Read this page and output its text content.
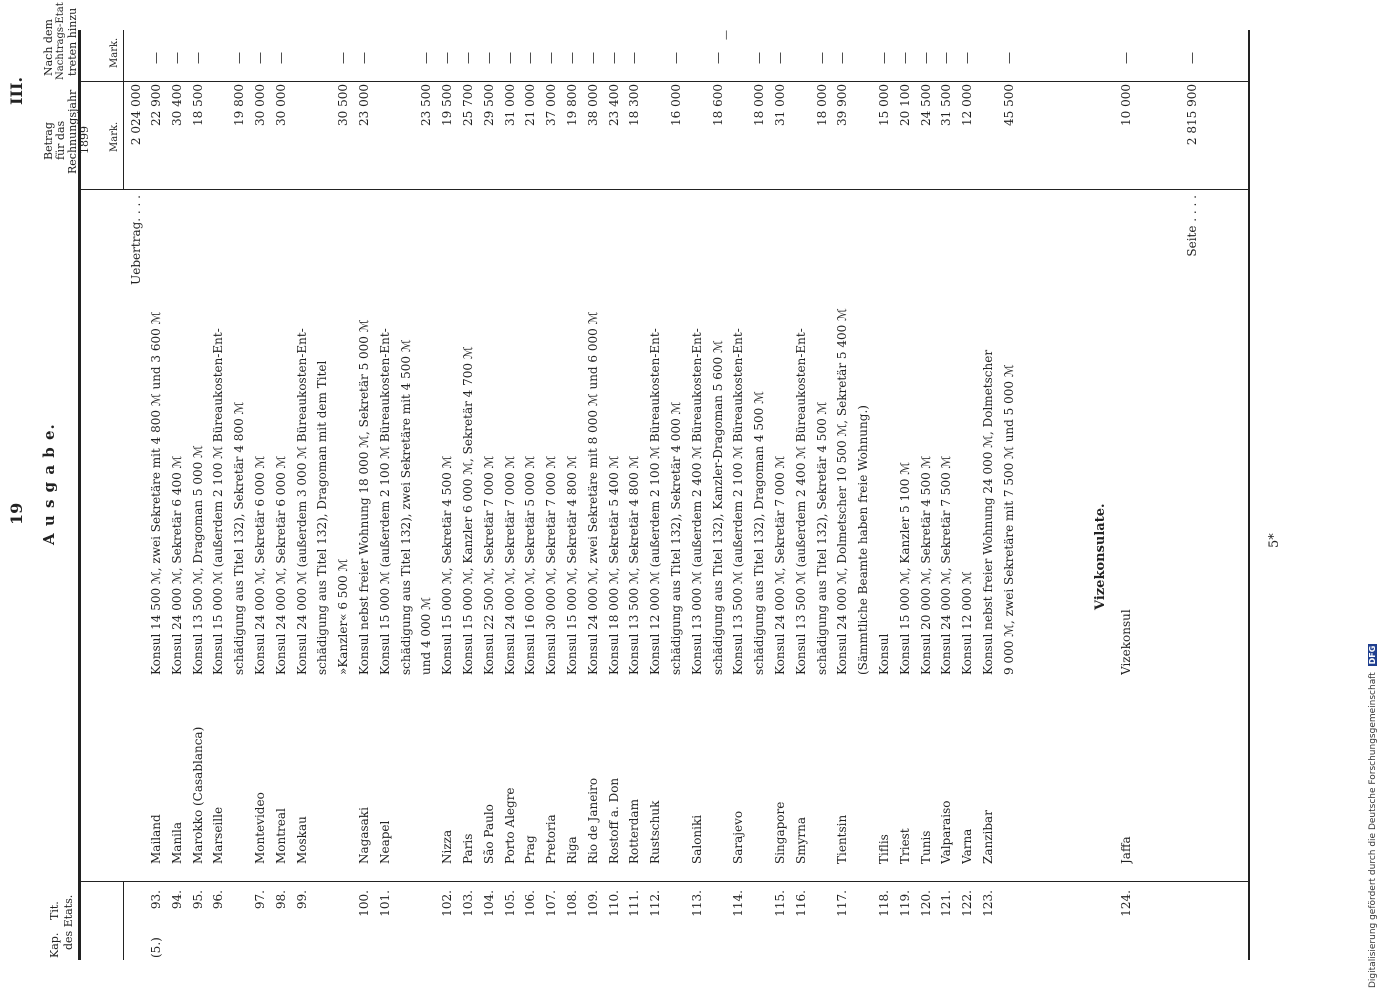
19
III.
A u s g a b e.
—
Kap.
Tit. des Etats.
Betrag für das Rechnungsjahr 1899 Mark.
Nach dem Nachtrags-Etat treten hinzu	Mark.
Uebertrag. . . .
2 024 000
(5.)
93.
Mailand
Konsul 14 500 ℳ, zwei Sekretäre mit 4 800 ℳ und 3 600 ℳ
22 900
—
94.
Manila
Konsul 24 000 ℳ, Sekretär 6 400 ℳ
30 400
—
95.
Marokko (Casablanca)
Konsul 13 500 ℳ, Dragoman 5 000 ℳ
18 500
—
96.
Marseille
Konsul 15 000 ℳ (außerdem 2 100 ℳ Büreaukosten-Ent- schädigung aus Titel 132), Sekretär 4 800 ℳ
19 800
—
97.
Montevideo
Konsul 24 000 ℳ, Sekretär 6 000 ℳ
30 000
—
98.
Montreal
Konsul 24 000 ℳ, Sekretär 6 000 ℳ
30 000
—
99.
Moskau
Konsul 24 000 ℳ (außerdem 3 000 ℳ Büreaukosten-Ent- schädigung aus Titel 132), Dragoman mit dem Titel »Kanzler« 6 500 ℳ
30 500
—
100.
Nagasaki
Konsul nebst freier Wohnung 18 000 ℳ, Sekretär 5 000 ℳ
23 000
—
101.
Neapel
Konsul 15 000 ℳ (außerdem 2 100 ℳ Büreaukosten-Ent- schädigung aus Titel 132), zwei Sekretäre mit 4 500 ℳ und 4 000 ℳ
23 500
—
102.
Nizza
Konsul 15 000 ℳ, Sekretär 4 500 ℳ
19 500
—
103.
Paris
Konsul 15 000 ℳ, Kanzler 6 000 ℳ, Sekretär 4 700 ℳ
25 700
—
104.
São Paulo
Konsul 22 500 ℳ, Sekretär 7 000 ℳ
29 500
—
105.
Porto Alegre
Konsul 24 000 ℳ, Sekretär 7 000 ℳ
31 000
—
106.
Prag
Konsul 16 000 ℳ, Sekretär 5 000 ℳ
21 000
—
107.
Pretoria
Konsul 30 000 ℳ, Sekretär 7 000 ℳ
37 000
—
108.
Riga
Konsul 15 000 ℳ, Sekretär 4 800 ℳ
19 800
—
109.
Rio de Janeiro
Konsul 24 000 ℳ, zwei Sekretäre mit 8 000 ℳ und 6 000 ℳ
38 000
—
110.
Rostoff a. Don
Konsul 18 000 ℳ, Sekretär 5 400 ℳ
23 400
—
111.
Rotterdam
Konsul 13 500 ℳ, Sekretär 4 800 ℳ
18 300
—
112.
Rustschuk
Konsul 12 000 ℳ (außerdem 2 100 ℳ Büreaukosten-Ent- schädigung aus Titel 132), Sekretär 4 000 ℳ
16 000
—
113.
Saloniki
Konsul 13 000 ℳ (außerdem 2 400 ℳ Büreaukosten-Ent- schädigung aus Titel 132), Kanzler-Dragoman 5 600 ℳ
18 600
—
114.
Sarajevo
Konsul 13 500 ℳ (außerdem 2 100 ℳ Büreaukosten-Ent- schädigung aus Titel 132), Dragoman 4 500 ℳ
18 000
—
115.
Singapore
Konsul 24 000 ℳ, Sekretär 7 000 ℳ
31 000
—
116.
Smyrna
Konsul 13 500 ℳ (außerdem 2 400 ℳ Büreaukosten-Ent- schädigung aus Titel 132), Sekretär 4 500 ℳ
18 000
—
117.
Tientsin
Konsul 24 000 ℳ, Dolmetscher 10 500 ℳ, Sekretär 5 400 ℳ
39 900
—
(Sämmtliche Beamte haben freie Wohnung.)
118.
Tiflis
Konsul
15 000
—
119.
Triest
Konsul 15 000 ℳ, Kanzler 5 100 ℳ
20 100
—
120.
Tunis
Konsul 20 000 ℳ, Sekretär 4 500 ℳ
24 500
—
121.
Valparaiso
Konsul 24 000 ℳ, Sekretär 7 500 ℳ
31 500
—
122.
Varna
Konsul 12 000 ℳ
12 000
—
123.
Zanzibar
Konsul nebst freier Wohnung 24 000 ℳ, Dolmetscher 9 000 ℳ, zwei Sekretäre mit 7 500 ℳ und 5 000 ℳ
45 500
—
Vizekonsulate.
124.
Jaffa
Vizekonsul
10 000
—
Seite . . . .
2 815 900
—
5*
Digitalisierung gefördert durch die Deutsche Forschungsgemeinschaft DFG
